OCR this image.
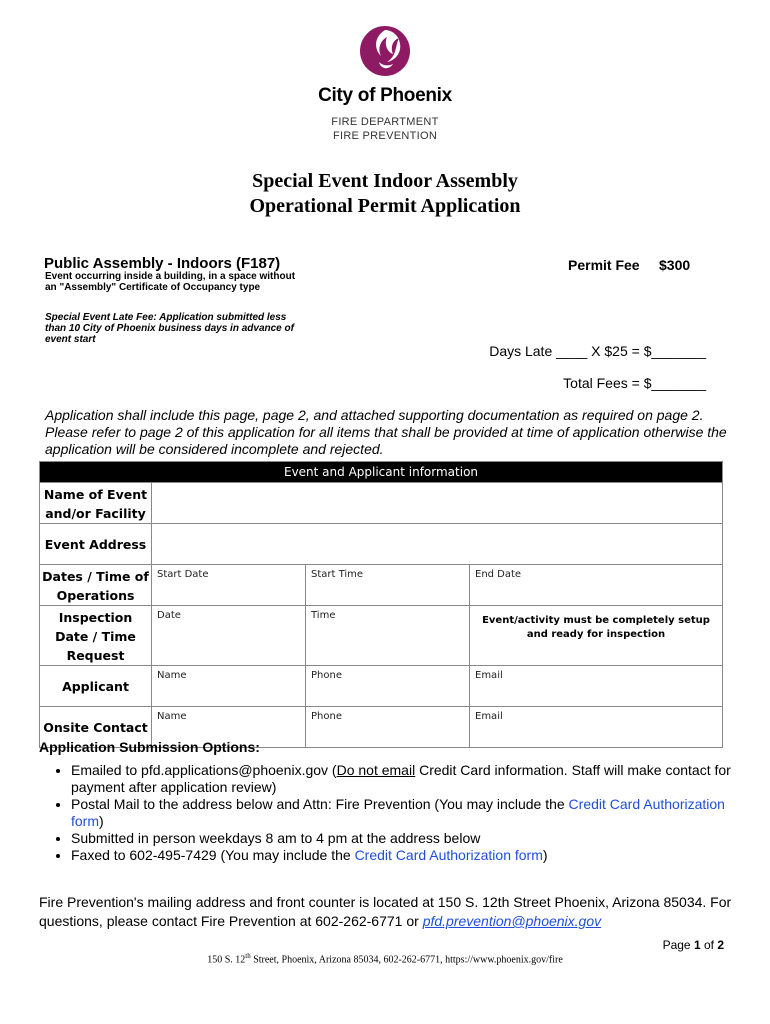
City of Phoenix
FIRE DEPARTMENT
FIRE PREVENTION
Special Event Indoor Assembly
Operational Permit Application
Public Assembly - Indoors (F187)
Event occurring inside a building, in a space without an "Assembly" Certificate of Occupancy type
Special Event Late Fee: Application submitted less than 10 City of Phoenix business days in advance of event start
Permit Fee $300
Days Late ____ X $25 = $_______
Total Fees = $_______
Application shall include this page, page 2, and attached supporting documentation as required on page 2. Please refer to page 2 of this application for all items that shall be provided at time of application otherwise the application will be considered incomplete and rejected.
Event and Applicant information			
Name of Event and/or Facility			
Event Address			
Dates / Time of Operations	Start Date	Start Time	End Date
Inspection Date / Time Request	Date	Time	Event/activity must be completely setup and ready for inspection
Applicant	Name	Phone	Email
Onsite Contact	Name	Phone	Email
Application Submission Options:
• Emailed to pfd.applications@phoenix.gov (Do not email Credit Card information. Staff will make contact for payment after application review)
• Postal Mail to the address below and Attn: Fire Prevention (You may include the Credit Card Authorization form)
• Submitted in person weekdays 8 am to 4 pm at the address below
• Faxed to 602-495-7429 (You may include the Credit Card Authorization form)
Fire Prevention's mailing address and front counter is located at 150 S. 12th Street Phoenix, Arizona 85034. For questions, please contact Fire Prevention at 602-262-6771 or pfd.prevention@phoenix.gov
Page 1 of 2
150 S. 12th Street, Phoenix, Arizona 85034, 602-262-6771, https://www.phoenix.gov/fire
